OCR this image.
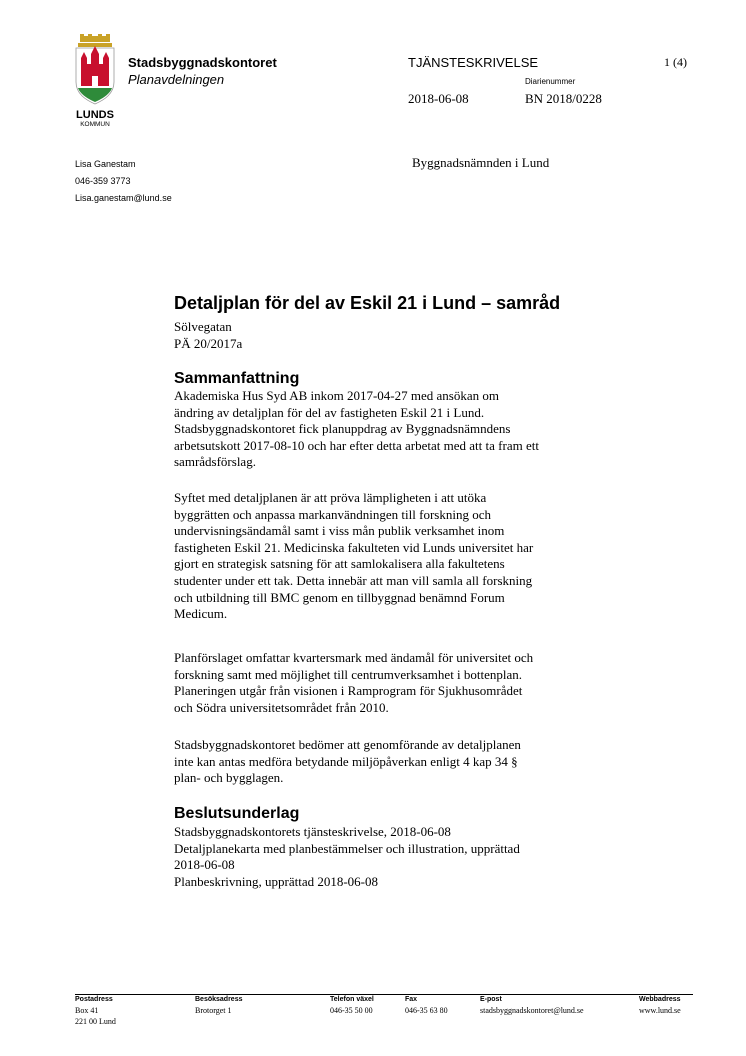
LUNDS
KOMMUN
Stadsbyggnadskontoret
Planavdelningen
TJÄNSTESKRIVELSE	1 (4)
Diarienummer
2018-06-08	BN 2018/0228
Lisa Ganestam
046-359 3773
Lisa.ganestam@lund.se
Byggnadsnämnden i Lund
Detaljplan för del av Eskil 21 i Lund – samråd
Sölvegatan
PÄ 20/2017a
Sammanfattning
Akademiska Hus Syd AB inkom 2017-04-27 med ansökan om
ändring av detaljplan för del av fastigheten Eskil 21 i Lund.
Stadsbyggnadskontoret fick planuppdrag av Byggnadsnämndens
arbetsutskott 2017-08-10 och har efter detta arbetat med att ta fram ett
samrådsförslag.
Syftet med detaljplanen är att pröva lämpligheten i att utöka
byggrätten och anpassa markanvändningen till forskning och
undervisningsändamål samt i viss mån publik verksamhet inom
fastigheten Eskil 21. Medicinska fakulteten vid Lunds universitet har
gjort en strategisk satsning för att samlokalisera alla fakultetens
studenter under ett tak. Detta innebär att man vill samla all forskning
och utbildning till BMC genom en tillbyggnad benämnd Forum
Medicum.
Planförslaget omfattar kvartersmark med ändamål för universitet och
forskning samt med möjlighet till centrumverksamhet i bottenplan.
Planeringen utgår från visionen i Ramprogram för Sjukhusområdet
och Södra universitetsområdet från 2010.
Stadsbyggnadskontoret bedömer att genomförande av detaljplanen
inte kan antas medföra betydande miljöpåverkan enligt 4 kap 34 §
plan- och bygglagen.
Beslutsunderlag
Stadsbyggnadskontorets tjänsteskrivelse, 2018-06-08
Detaljplanekarta med planbestämmelser och illustration, upprättad
2018-06-08
Planbeskrivning, upprättad 2018-06-08
Postadress
Box 41
221 00 Lund
Besöksadress
Brotorget 1
Telefon växel
046-35 50 00
Fax
046-35 63 80
E-post
stadsbyggnadskontoret@lund.se
Webbadress
www.lund.se
